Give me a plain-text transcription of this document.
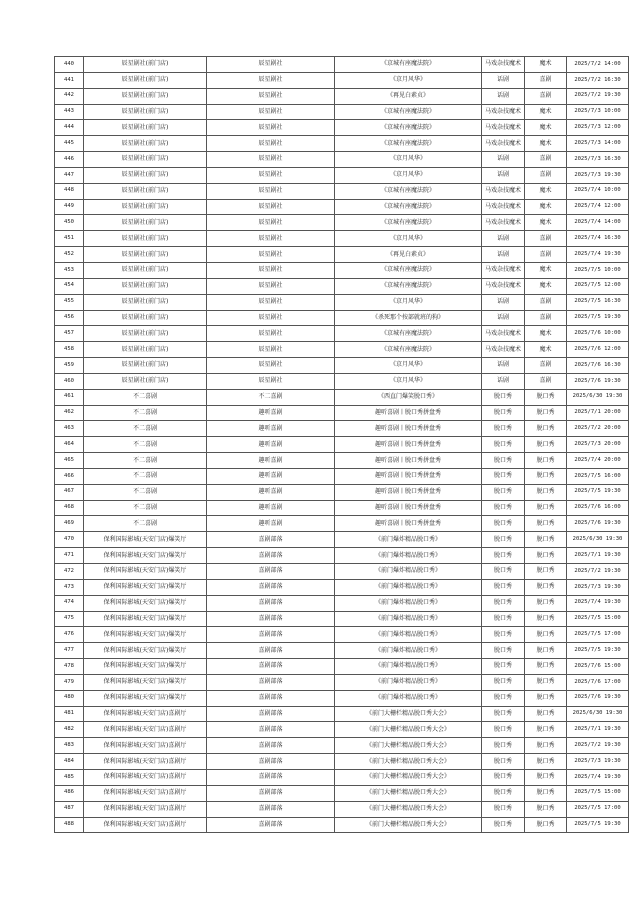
440	辰星剧社(前门店)	辰星剧社	《京城有座魔法院》	马戏杂技魔术	魔术	2025/7/2 14:00
441	辰星剧社(前门店)	辰星剧社	《京月风华》	话剧	喜剧	2025/7/2 16:30
442	辰星剧社(前门店)	辰星剧社	《再见白素贞》	话剧	喜剧	2025/7/2 19:30
443	辰星剧社(前门店)	辰星剧社	《京城有座魔法院》	马戏杂技魔术	魔术	2025/7/3 10:00
444	辰星剧社(前门店)	辰星剧社	《京城有座魔法院》	马戏杂技魔术	魔术	2025/7/3 12:00
445	辰星剧社(前门店)	辰星剧社	《京城有座魔法院》	马戏杂技魔术	魔术	2025/7/3 14:00
446	辰星剧社(前门店)	辰星剧社	《京月风华》	话剧	喜剧	2025/7/3 16:30
447	辰星剧社(前门店)	辰星剧社	《京月风华》	话剧	喜剧	2025/7/3 19:30
448	辰星剧社(前门店)	辰星剧社	《京城有座魔法院》	马戏杂技魔术	魔术	2025/7/4 10:00
449	辰星剧社(前门店)	辰星剧社	《京城有座魔法院》	马戏杂技魔术	魔术	2025/7/4 12:00
450	辰星剧社(前门店)	辰星剧社	《京城有座魔法院》	马戏杂技魔术	魔术	2025/7/4 14:00
451	辰星剧社(前门店)	辰星剧社	《京月风华》	话剧	喜剧	2025/7/4 16:30
452	辰星剧社(前门店)	辰星剧社	《再见白素贞》	话剧	喜剧	2025/7/4 19:30
453	辰星剧社(前门店)	辰星剧社	《京城有座魔法院》	马戏杂技魔术	魔术	2025/7/5 10:00
454	辰星剧社(前门店)	辰星剧社	《京城有座魔法院》	马戏杂技魔术	魔术	2025/7/5 12:00
455	辰星剧社(前门店)	辰星剧社	《京月风华》	话剧	喜剧	2025/7/5 16:30
456	辰星剧社(前门店)	辰星剧社	《杀死那个按部就班的狗》	话剧	喜剧	2025/7/5 19:30
457	辰星剧社(前门店)	辰星剧社	《京城有座魔法院》	马戏杂技魔术	魔术	2025/7/6 10:00
458	辰星剧社(前门店)	辰星剧社	《京城有座魔法院》	马戏杂技魔术	魔术	2025/7/6 12:00
459	辰星剧社(前门店)	辰星剧社	《京月风华》	话剧	喜剧	2025/7/6 16:30
460	辰星剧社(前门店)	辰星剧社	《京月风华》	话剧	喜剧	2025/7/6 19:30
461	不二喜剧	不二喜剧	《西直门爆笑脱口秀》	脱口秀	脱口秀	2025/6/30 19:30
462	不二喜剧	趣听喜剧	趣听喜剧丨脱口秀拼盘秀	脱口秀	脱口秀	2025/7/1 20:00
463	不二喜剧	趣听喜剧	趣听喜剧丨脱口秀拼盘秀	脱口秀	脱口秀	2025/7/2 20:00
464	不二喜剧	趣听喜剧	趣听喜剧丨脱口秀拼盘秀	脱口秀	脱口秀	2025/7/3 20:00
465	不二喜剧	趣听喜剧	趣听喜剧丨脱口秀拼盘秀	脱口秀	脱口秀	2025/7/4 20:00
466	不二喜剧	趣听喜剧	趣听喜剧丨脱口秀拼盘秀	脱口秀	脱口秀	2025/7/5 16:00
467	不二喜剧	趣听喜剧	趣听喜剧丨脱口秀拼盘秀	脱口秀	脱口秀	2025/7/5 19:30
468	不二喜剧	趣听喜剧	趣听喜剧丨脱口秀拼盘秀	脱口秀	脱口秀	2025/7/6 16:00
469	不二喜剧	趣听喜剧	趣听喜剧丨脱口秀拼盘秀	脱口秀	脱口秀	2025/7/6 19:30
470	保利国际影城(天安门店)爆笑厅	喜剧部落	《前门爆炸精品脱口秀》	脱口秀	脱口秀	2025/6/30 19:30
471	保利国际影城(天安门店)爆笑厅	喜剧部落	《前门爆炸精品脱口秀》	脱口秀	脱口秀	2025/7/1 19:30
472	保利国际影城(天安门店)爆笑厅	喜剧部落	《前门爆炸精品脱口秀》	脱口秀	脱口秀	2025/7/2 19:30
473	保利国际影城(天安门店)爆笑厅	喜剧部落	《前门爆炸精品脱口秀》	脱口秀	脱口秀	2025/7/3 19:30
474	保利国际影城(天安门店)爆笑厅	喜剧部落	《前门爆炸精品脱口秀》	脱口秀	脱口秀	2025/7/4 19:30
475	保利国际影城(天安门店)爆笑厅	喜剧部落	《前门爆炸精品脱口秀》	脱口秀	脱口秀	2025/7/5 15:00
476	保利国际影城(天安门店)爆笑厅	喜剧部落	《前门爆炸精品脱口秀》	脱口秀	脱口秀	2025/7/5 17:00
477	保利国际影城(天安门店)爆笑厅	喜剧部落	《前门爆炸精品脱口秀》	脱口秀	脱口秀	2025/7/5 19:30
478	保利国际影城(天安门店)爆笑厅	喜剧部落	《前门爆炸精品脱口秀》	脱口秀	脱口秀	2025/7/6 15:00
479	保利国际影城(天安门店)爆笑厅	喜剧部落	《前门爆炸精品脱口秀》	脱口秀	脱口秀	2025/7/6 17:00
480	保利国际影城(天安门店)爆笑厅	喜剧部落	《前门爆炸精品脱口秀》	脱口秀	脱口秀	2025/7/6 19:30
481	保利国际影城(天安门店)喜剧厅	喜剧部落	《前门大栅栏精品脱口秀大会》	脱口秀	脱口秀	2025/6/30 19:30
482	保利国际影城(天安门店)喜剧厅	喜剧部落	《前门大栅栏精品脱口秀大会》	脱口秀	脱口秀	2025/7/1 19:30
483	保利国际影城(天安门店)喜剧厅	喜剧部落	《前门大栅栏精品脱口秀大会》	脱口秀	脱口秀	2025/7/2 19:30
484	保利国际影城(天安门店)喜剧厅	喜剧部落	《前门大栅栏精品脱口秀大会》	脱口秀	脱口秀	2025/7/3 19:30
485	保利国际影城(天安门店)喜剧厅	喜剧部落	《前门大栅栏精品脱口秀大会》	脱口秀	脱口秀	2025/7/4 19:30
486	保利国际影城(天安门店)喜剧厅	喜剧部落	《前门大栅栏精品脱口秀大会》	脱口秀	脱口秀	2025/7/5 15:00
487	保利国际影城(天安门店)喜剧厅	喜剧部落	《前门大栅栏精品脱口秀大会》	脱口秀	脱口秀	2025/7/5 17:00
488	保利国际影城(天安门店)喜剧厅	喜剧部落	《前门大栅栏精品脱口秀大会》	脱口秀	脱口秀	2025/7/5 19:30
